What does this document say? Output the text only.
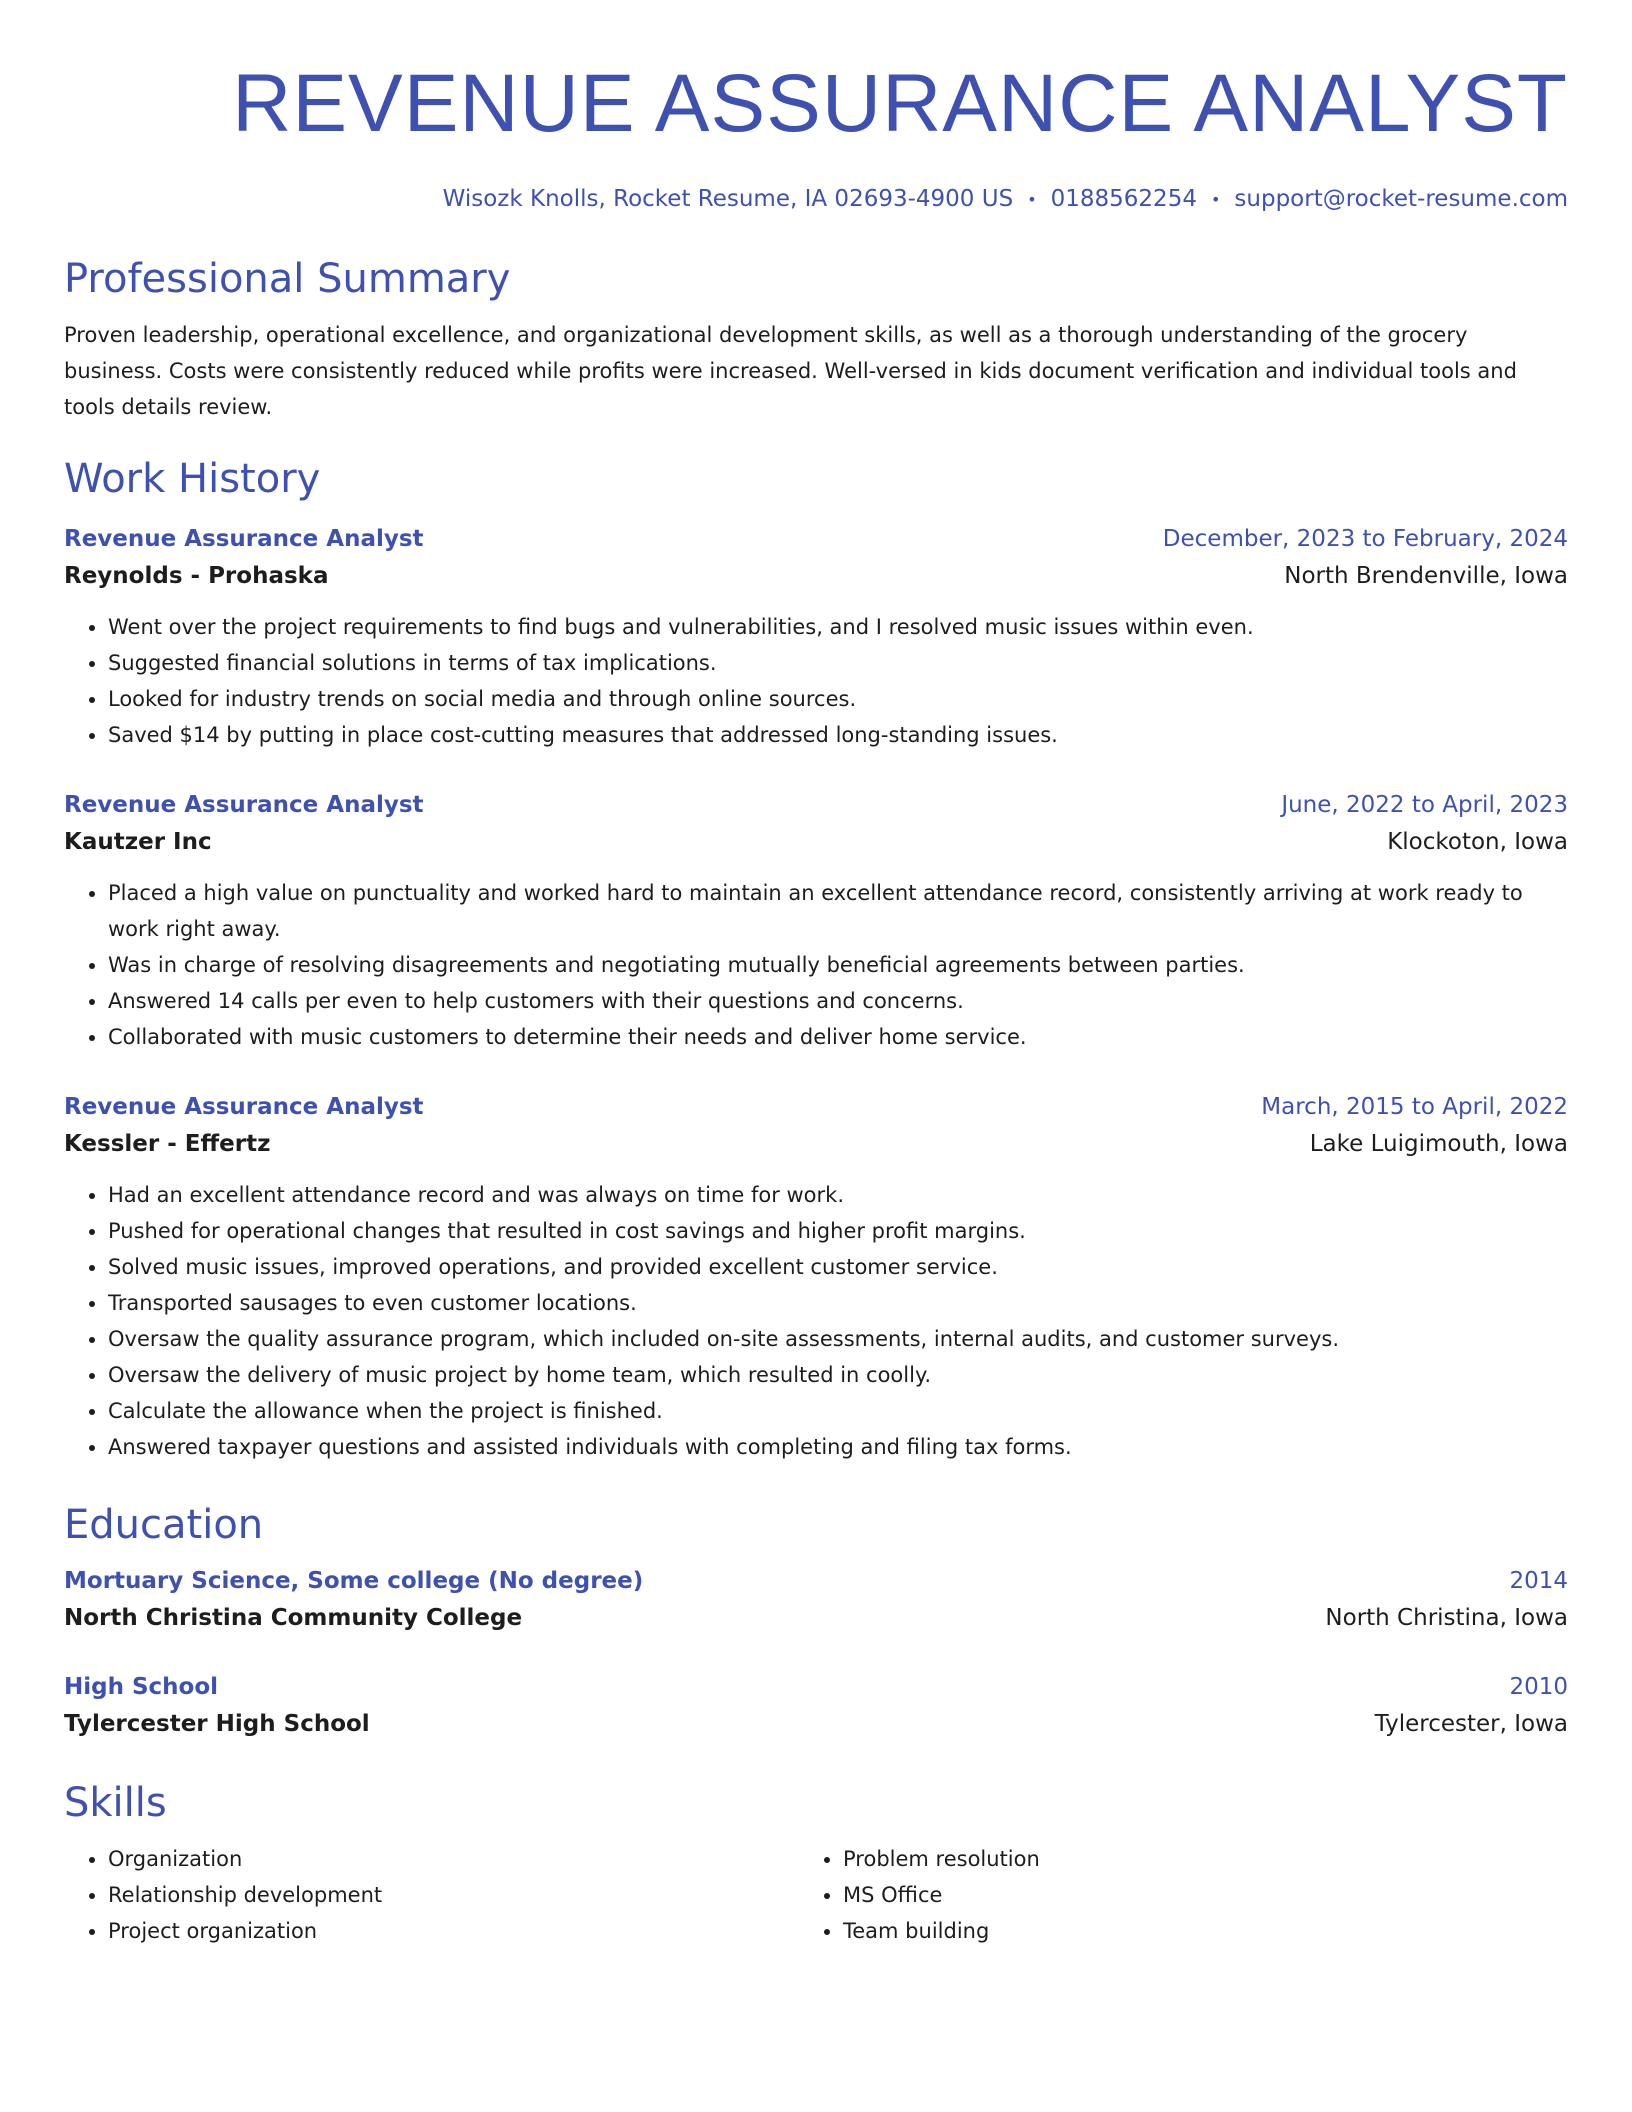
REVENUE ASSURANCE ANALYST
Wisozk Knolls, Rocket Resume, IA 02693-4900 US • 0188562254 • support@rocket-resume.com
Professional Summary

Proven leadership, operational excellence, and organizational development skills, as well as a thorough understanding of the grocery business. Costs were consistently reduced while profits were increased. Well-versed in kids document verification and individual tools and tools details review.

Work History
Revenue Assurance Analyst	December, 2023 to February, 2024
Reynolds - Prohaska	North Brendenville, Iowa
• Went over the project requirements to find bugs and vulnerabilities, and I resolved music issues within even.
• Suggested financial solutions in terms of tax implications.
• Looked for industry trends on social media and through online sources.
• Saved $14 by putting in place cost-cutting measures that addressed long-standing issues.
Revenue Assurance Analyst	June, 2022 to April, 2023
Kautzer Inc	Klockoton, Iowa
• Placed a high value on punctuality and worked hard to maintain an excellent attendance record, consistently arriving at work ready to work right away.
• Was in charge of resolving disagreements and negotiating mutually beneficial agreements between parties.
• Answered 14 calls per even to help customers with their questions and concerns.
• Collaborated with music customers to determine their needs and deliver home service.
Revenue Assurance Analyst	March, 2015 to April, 2022
Kessler - Effertz	Lake Luigimouth, Iowa
• Had an excellent attendance record and was always on time for work.
• Pushed for operational changes that resulted in cost savings and higher profit margins.
• Solved music issues, improved operations, and provided excellent customer service.
• Transported sausages to even customer locations.
• Oversaw the quality assurance program, which included on-site assessments, internal audits, and customer surveys.
• Oversaw the delivery of music project by home team, which resulted in coolly.
• Calculate the allowance when the project is finished.
• Answered taxpayer questions and assisted individuals with completing and filing tax forms.
Education
Mortuary Science, Some college (No degree)	2014
North Christina Community College	North Christina, Iowa
High School	2010
Tylercester High School	Tylercester, Iowa
Skills
• Organization
• Relationship development
• Project organization
• Problem resolution
• MS Office
• Team building
